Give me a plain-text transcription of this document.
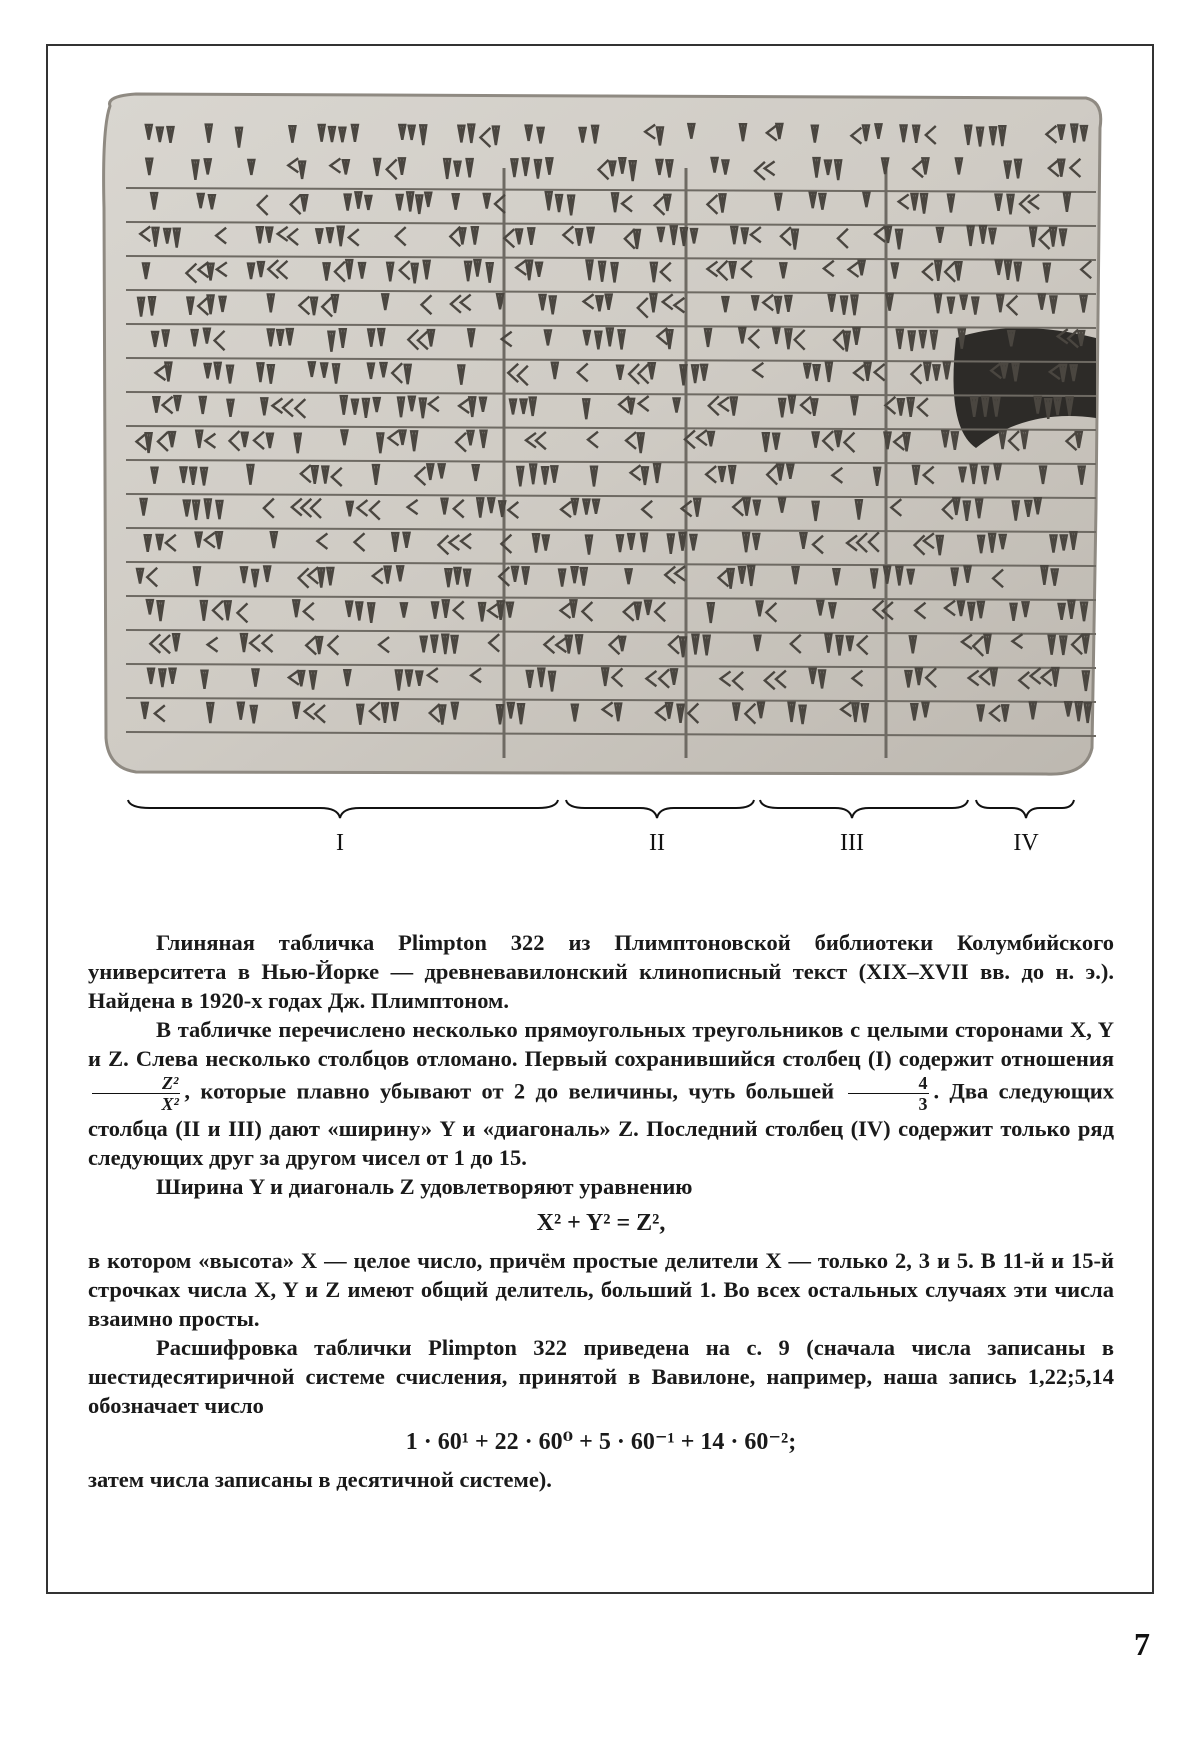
I	II	III	IV

Глиняная табличка Plimpton 322 из Плимптоновской библиотеки Колумбийского университета в Нью-Йорке — древневавилонский клинописный текст (XIX–XVII вв. до н. э.). Найдена в 1920-х годах Дж. Плимптоном.

В табличке перечислено несколько прямоугольных треугольников с целыми сторонами X, Y и Z. Слева несколько столбцов отломано. Первый сохранившийся столбец (I) содержит отношения
$\frac{\text{Z²}}{\text{X²}}$ , которые плавно убывают от 2 до величины, чуть большей $\frac{4}{3}$ . Два следующих столбца (II и III) дают «ширину» Y и «диагональ» Z. Последний столбец (IV) содержит только ряд следующих друг за другом чисел от 1 до 15.

Ширина Y и диагональ Z удовлетворяют уравнению

X² + Y² = Z²,

в котором «высота» X — целое число, причём простые делители X — только 2, 3 и 5. В 11-й и 15-й строчках числа X, Y и Z имеют общий делитель, больший 1. Во всех остальных случаях эти числа взаимно просты.

Расшифровка таблички Plimpton 322 приведена на с. 9 (сначала числа записаны в шестидесятиричной системе счисления, принятой в Вавилоне, например, наша запись 1,22;5,14 обозначает число

1 · 60¹ + 22 · 60⁰ + 5 · 60⁻¹ + 14 · 60⁻²;

затем числа записаны в десятичной системе).

7
